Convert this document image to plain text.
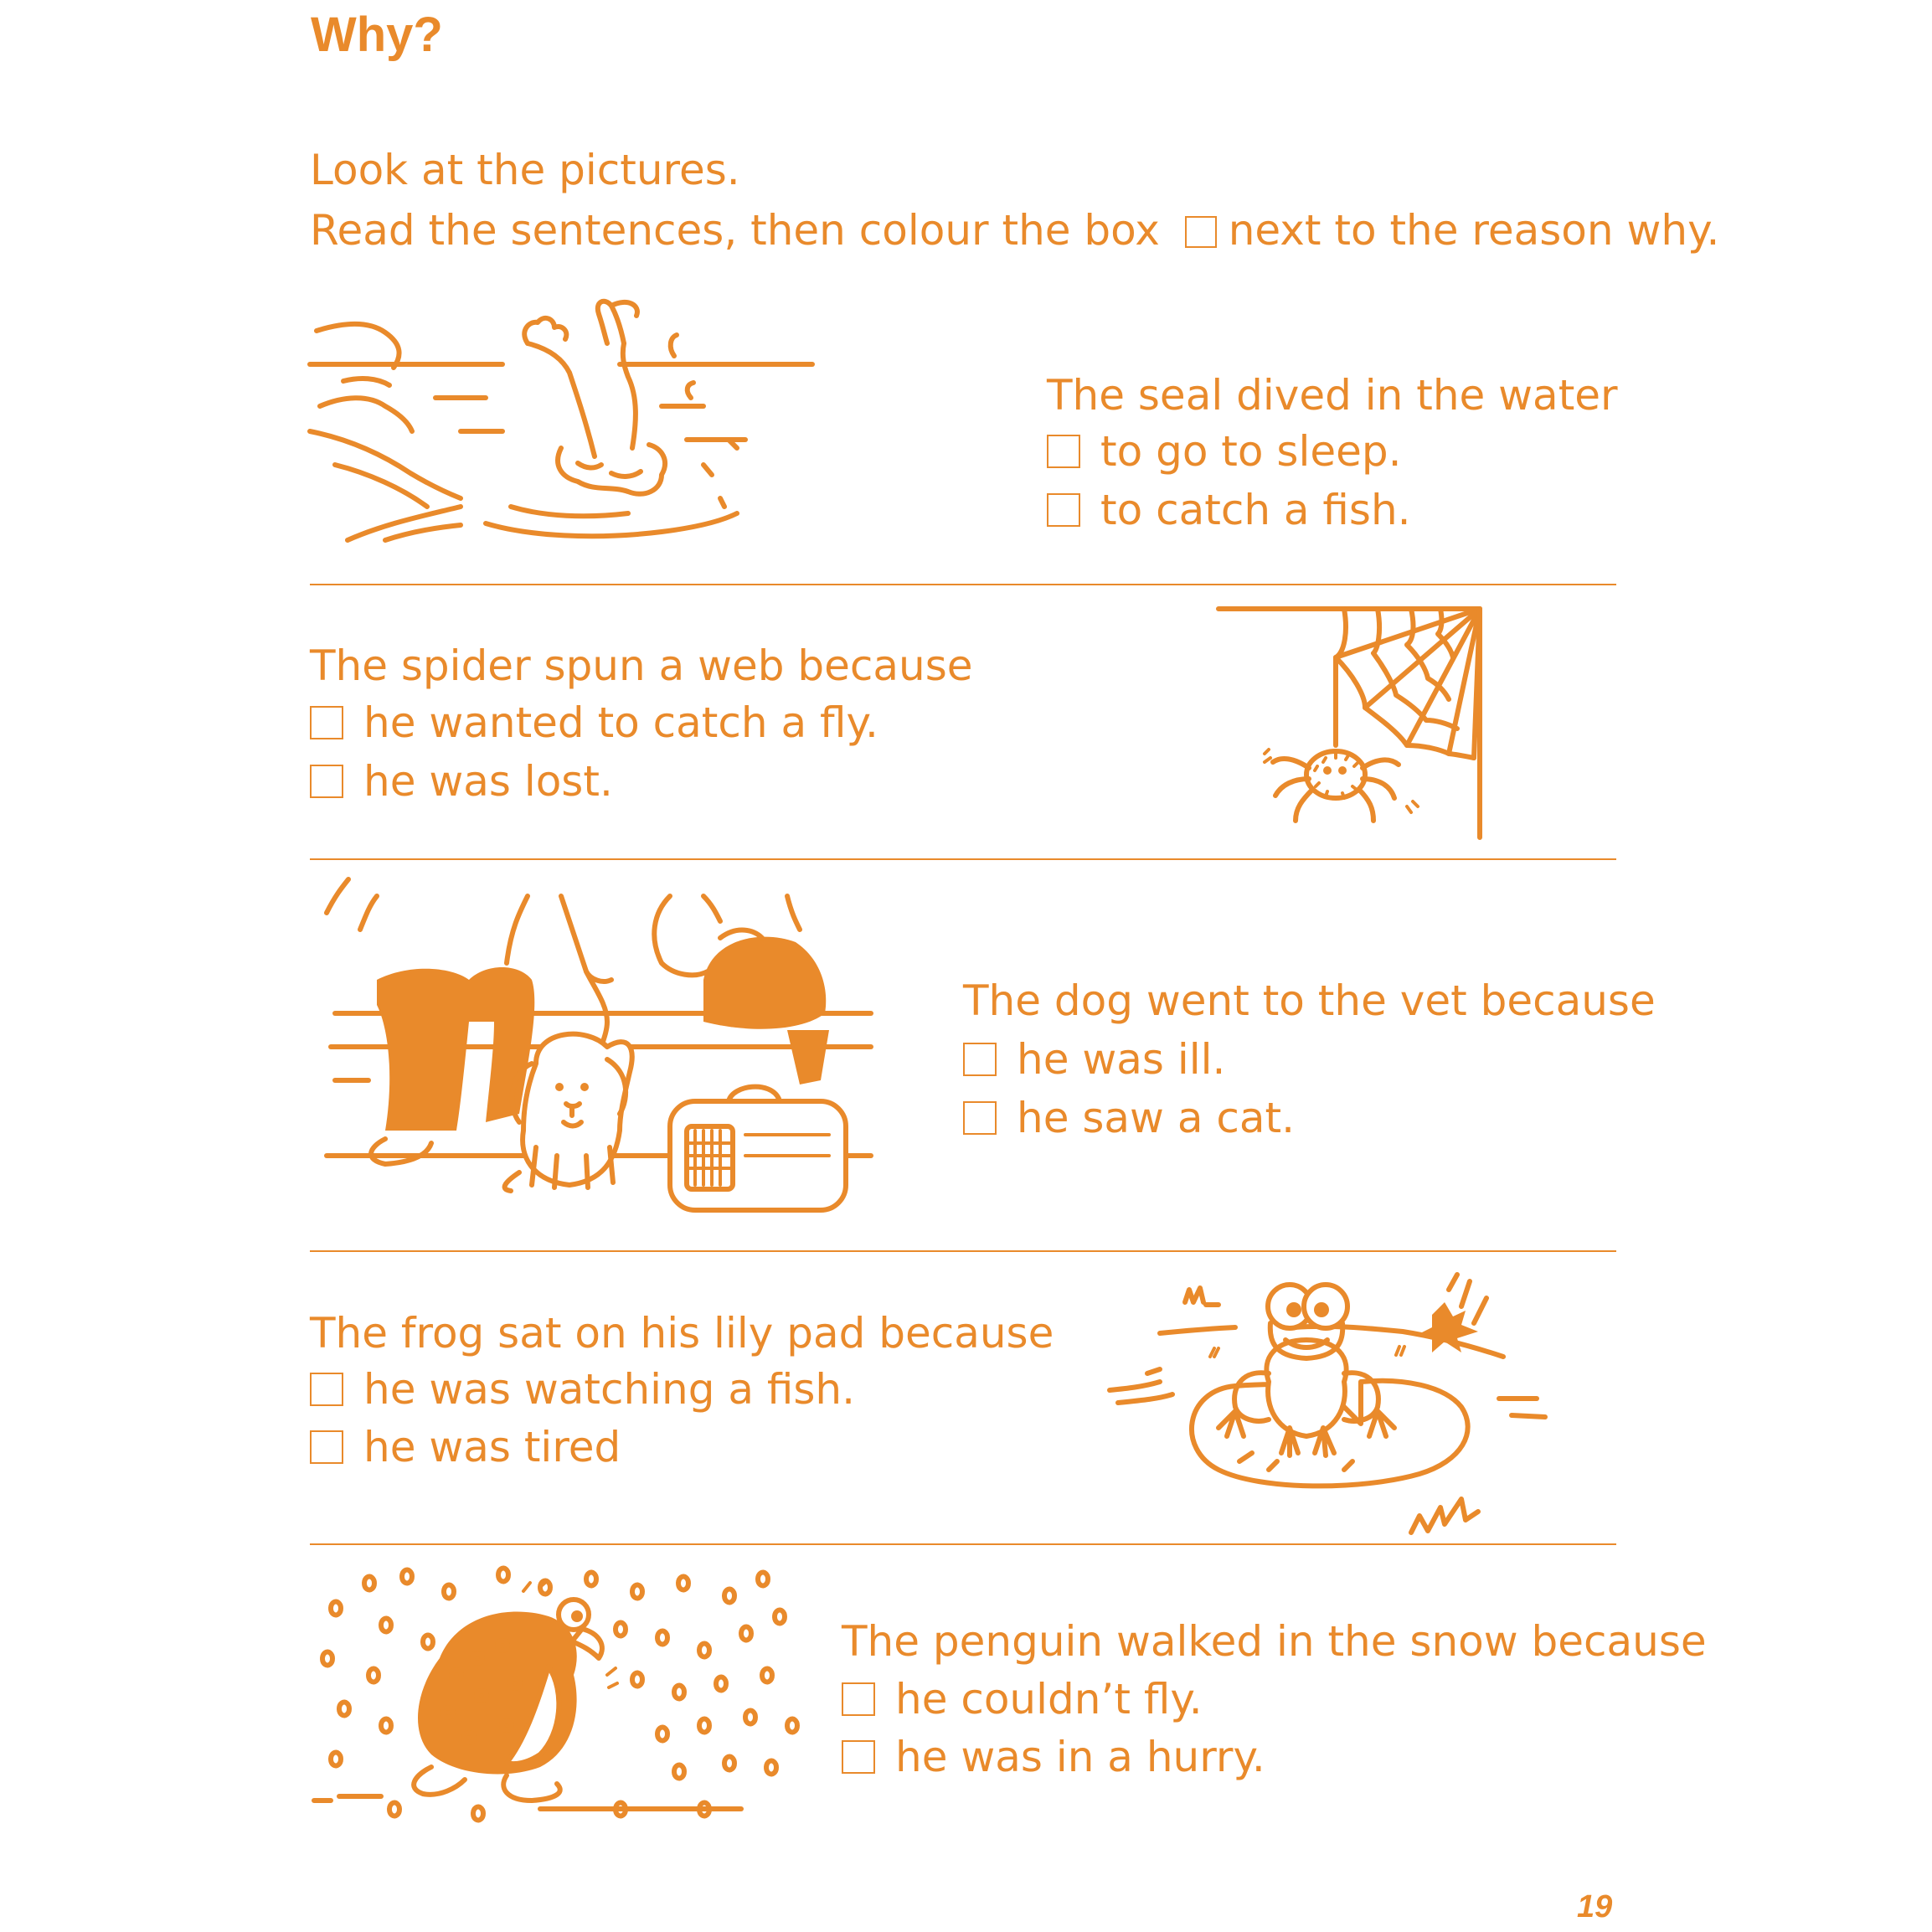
Why?
Look at the pictures.
Read the sentences, then colour the box next to the reason why.
The seal dived in the water
to go to sleep.
to catch a fish.
The spider spun a web because
he wanted to catch a fly.
he was lost.
The dog went to the vet because
he was ill.
he saw a cat.
The frog sat on his lily pad because
he was watching a fish.
he was tired
The penguin walked in the snow because
he couldn’t fly.
he was in a hurry.
19
